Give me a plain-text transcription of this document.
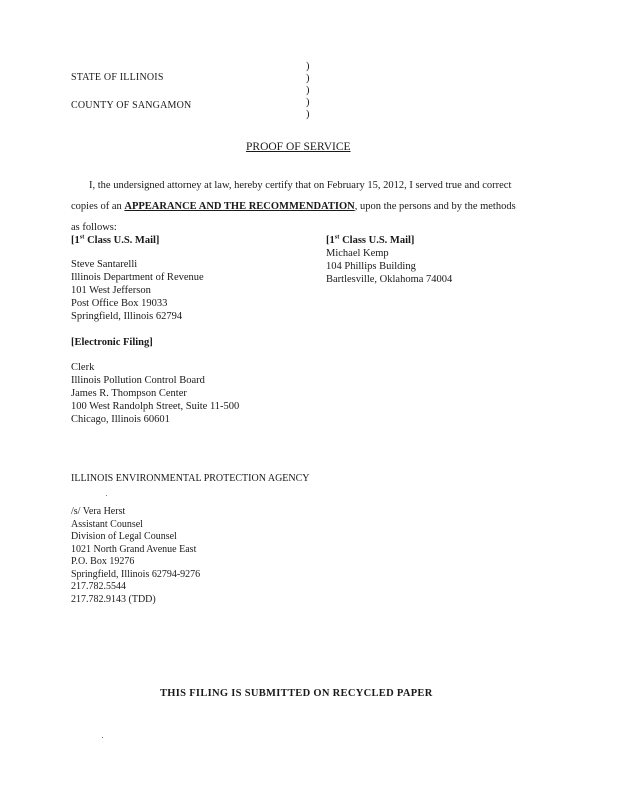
STATE OF ILLINOIS
COUNTY OF SANGAMON
)
)
)
)
)
PROOF OF SERVICE
I, the undersigned attorney at law, hereby certify that on February 15, 2012, I served true and correct
copies of an APPEARANCE AND THE RECOMMENDATION, upon the persons and by the methods
as follows:
[1st Class U.S. Mail]
Steve Santarelli
Illinois Department of Revenue
101 West Jefferson
Post Office Box 19033
Springfield, Illinois 62794
[1st Class U.S. Mail]
Michael Kemp
104 Phillips Building
Bartlesville, Oklahoma 74004
[Electronic Filing]
Clerk
Illinois Pollution Control Board
James R. Thompson Center
100 West Randolph Street, Suite 11-500
Chicago, Illinois 60601
ILLINOIS ENVIRONMENTAL PROTECTION AGENCY
/s/ Vera Herst
Assistant Counsel
Division of Legal Counsel
1021 North Grand Avenue East
P.O. Box 19276
Springfield, Illinois 62794-9276
217.782.5544
217.782.9143 (TDD)
THIS FILING IS SUBMITTED ON RECYCLED PAPER
